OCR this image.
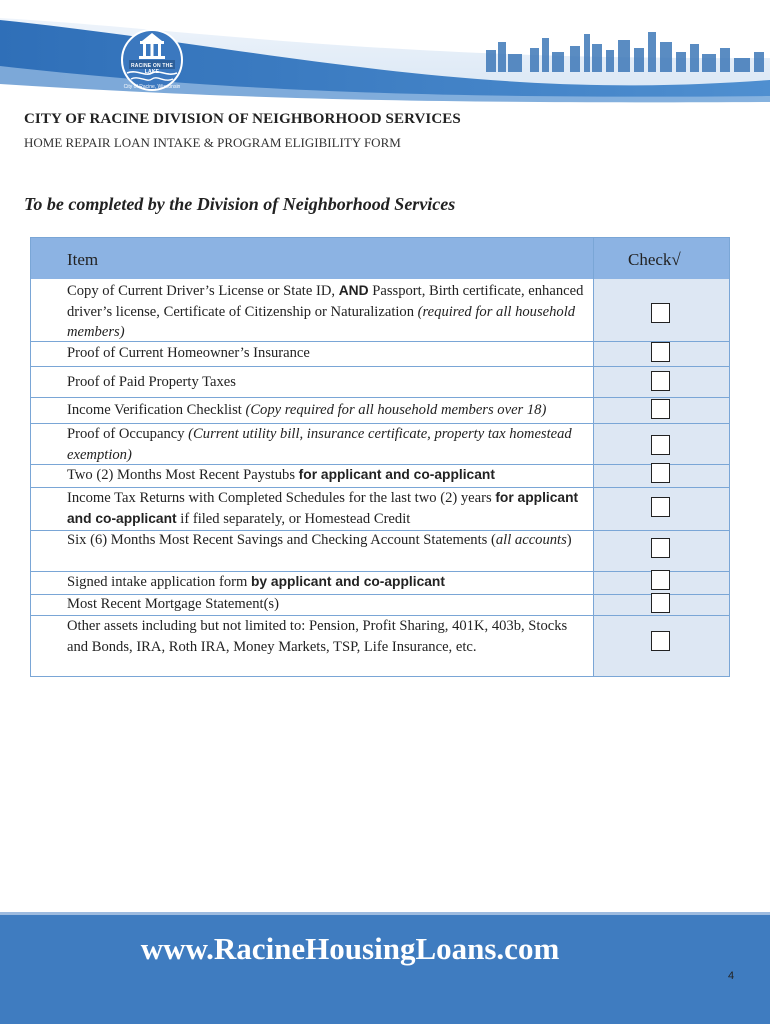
RACINE ON THE LAKE
City of Racine, Wisconsin
CITY OF RACINE DIVISION OF NEIGHBORHOOD SERVICES
HOME REPAIR LOAN INTAKE & PROGRAM ELIGIBILITY FORM
To be completed by the Division of Neighborhood Services
Item	Check√
Copy of Current Driver’s License or State ID, AND Passport, Birth certificate, enhanced driver’s license, Certificate of Citizenship or Naturalization (required for all household members)
Proof of Current Homeowner’s Insurance
Proof of Paid Property Taxes
Income Verification Checklist (Copy required for all household members over 18)
Proof of Occupancy (Current utility bill, insurance certificate, property tax homestead exemption)
Two (2) Months Most Recent Paystubs for applicant and co-applicant
Income Tax Returns with Completed Schedules for the last two (2) years for applicant and co-applicant if filed separately, or Homestead Credit
Six (6) Months Most Recent Savings and Checking Account Statements (all accounts)
Signed intake application form by applicant and co-applicant
Most Recent Mortgage Statement(s)
Other assets including but not limited to: Pension, Profit Sharing, 401K, 403b, Stocks and Bonds, IRA, Roth IRA, Money Markets, TSP, Life Insurance, etc.
www.RacineHousingLoans.com
4
